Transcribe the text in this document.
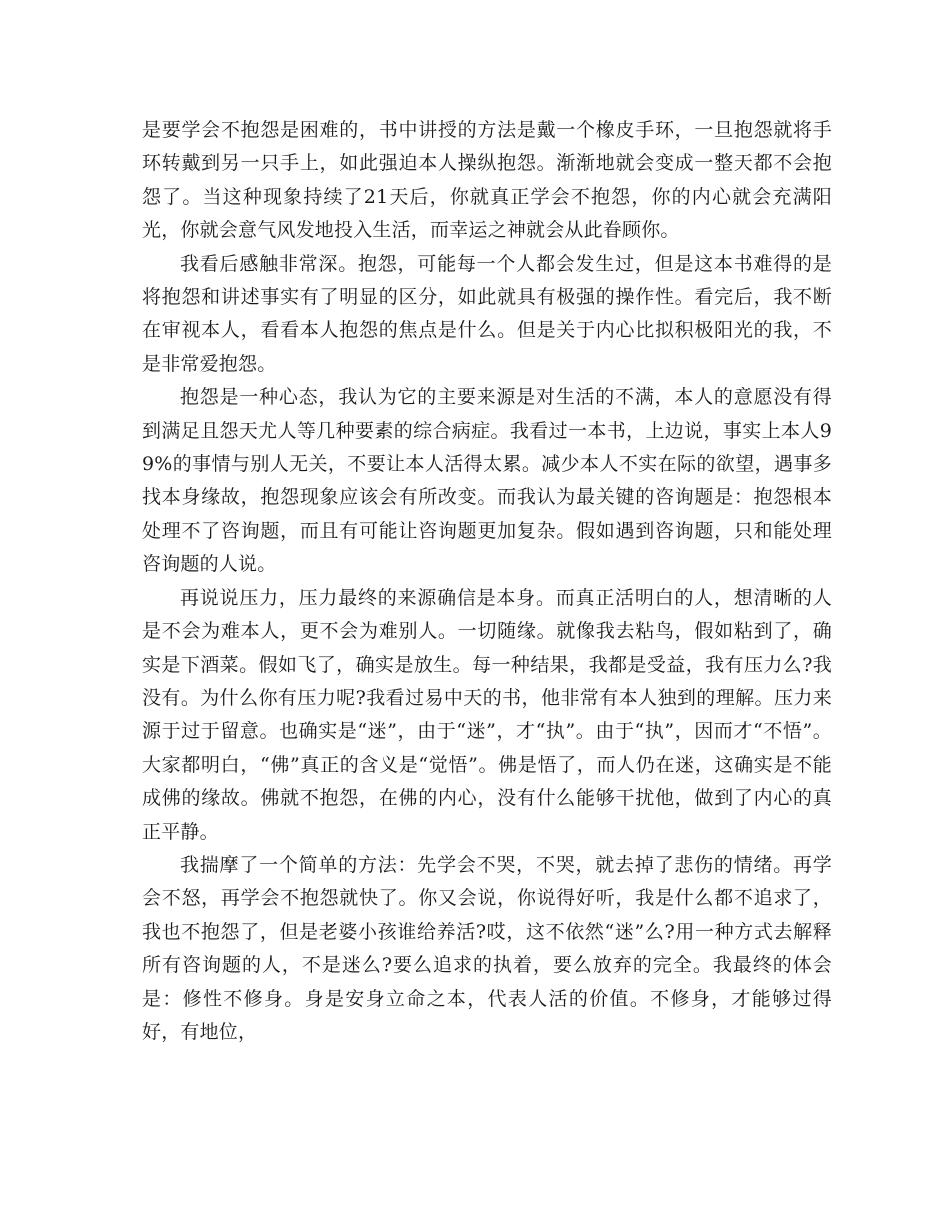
是要学会不抱怨是困难的，书中讲授的方法是戴一个橡皮手环，一旦抱怨就将手环转戴到另一只手上，如此强迫本人操纵抱怨。渐渐地就会变成一整天都不会抱怨了。当这种现象持续了21天后，你就真正学会不抱怨，你的内心就会充满阳光，你就会意气风发地投入生活，而幸运之神就会从此眷顾你。

我看后感触非常深。抱怨，可能每一个人都会发生过，但是这本书难得的是将抱怨和讲述事实有了明显的区分，如此就具有极强的操作性。看完后，我不断在审视本人，看看本人抱怨的焦点是什么。但是关于内心比拟积极阳光的我，不是非常爱抱怨。

抱怨是一种心态，我认为它的主要来源是对生活的不满，本人的意愿没有得到满足且怨天尤人等几种要素的综合病症。我看过一本书，上边说，事实上本人99%的事情与别人无关，不要让本人活得太累。减少本人不实在际的欲望，遇事多找本身缘故，抱怨现象应该会有所改变。而我认为最关键的咨询题是：抱怨根本处理不了咨询题，而且有可能让咨询题更加复杂。假如遇到咨询题，只和能处理咨询题的人说。

再说说压力，压力最终的来源确信是本身。而真正活明白的人，想清晰的人是不会为难本人，更不会为难别人。一切随缘。就像我去粘鸟，假如粘到了，确实是下酒菜。假如飞了，确实是放生。每一种结果，我都是受益，我有压力么?我没有。为什么你有压力呢?我看过易中天的书，他非常有本人独到的理解。压力来源于过于留意。也确实是“迷”，由于“迷”，才“执”。由于“执”，因而才“不悟”。大家都明白，“佛”真正的含义是“觉悟”。佛是悟了，而人仍在迷，这确实是不能成佛的缘故。佛就不抱怨，在佛的内心，没有什么能够干扰他，做到了内心的真正平静。

我揣摩了一个简单的方法：先学会不哭，不哭，就去掉了悲伤的情绪。再学会不怒，再学会不抱怨就快了。你又会说，你说得好听，我是什么都不追求了，我也不抱怨了，但是老婆小孩谁给养活?哎，这不依然“迷”么?用一种方式去解释所有咨询题的人，不是迷么?要么追求的执着，要么放弃的完全。我最终的体会是：修性不修身。身是安身立命之本，代表人活的价值。不修身，才能够过得好，有地位，
